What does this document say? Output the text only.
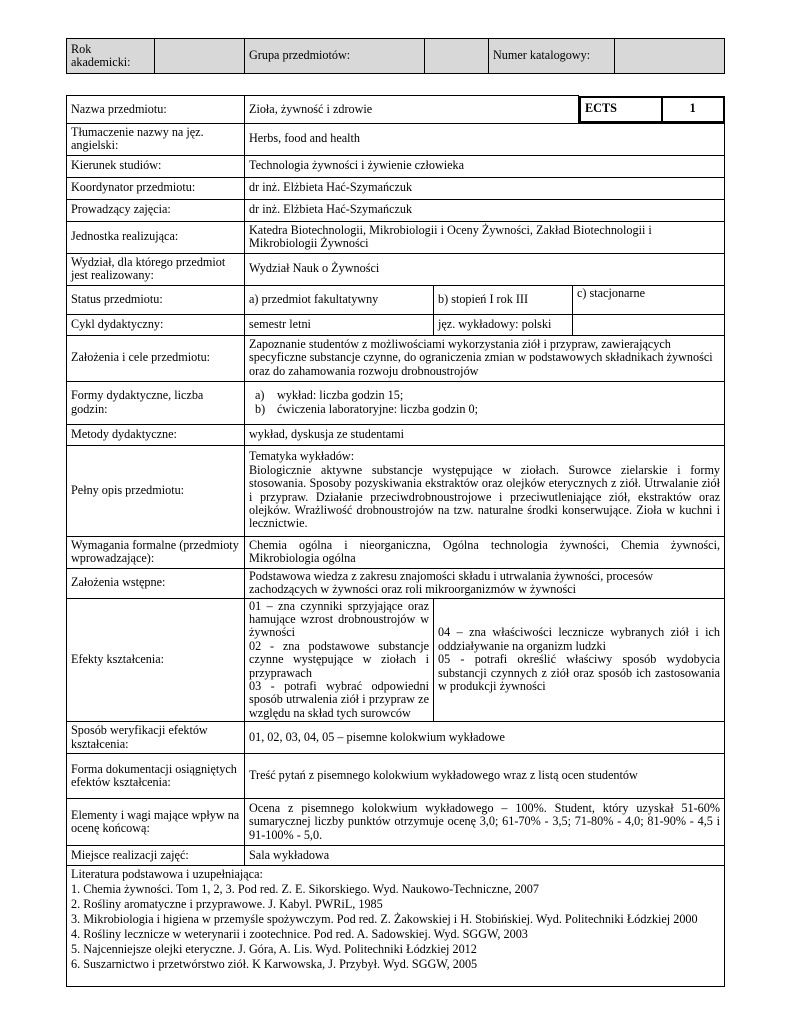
Rok akademicki:		Grupa przedmiotów:		Numer katalogowy:	
Nazwa przedmiotu:	Zioła, żywność i zdrowie		ECTS	1

Tłumaczenie nazwy na jęz. angielski:	Herbs, food and health
Kierunek studiów:	Technologia żywności i żywienie człowieka
Koordynator przedmiotu:	dr inż. Elżbieta Hać-Szymańczuk
Prowadzący zajęcia:	dr inż. Elżbieta Hać-Szymańczuk
Jednostka realizująca:	Katedra Biotechnologii, Mikrobiologii i Oceny Żywności, Zakład Biotechnologii i Mikrobiologii Żywności
Wydział, dla którego przedmiot jest realizowany:	Wydział Nauk o Żywności
Status przedmiotu:	a) przedmiot fakultatywny	b) stopień I rok III	c) stacjonarne
Cykl dydaktyczny:	semestr letni	jęz. wykładowy: polski	
Założenia i cele przedmiotu:	Zapoznanie studentów z możliwościami wykorzystania ziół i przypraw, zawierających specyficzne substancje czynne, do ograniczenia zmian w podstawowych składnikach żywności oraz do zahamowania rozwoju drobnoustrojów
Formy dydaktyczne, liczba godzin:	
a)	wykład: liczba godzin 15;
b) ćwiczenia laboratoryjne: liczba godzin 0;

Metody dydaktyczne:	wykład, dyskusja ze studentami
Pełny opis przedmiotu:	
Tematyka wykładów:
Biologicznie aktywne substancje występujące w ziołach. Surowce zielarskie i formy stosowania. Sposoby pozyskiwania ekstraktów oraz olejków eterycznych z ziół. Utrwalanie ziół i przypraw. Działanie przeciwdrobnoustrojowe i przeciwutleniające ziół, ekstraktów oraz olejków. Wrażliwość drobnoustrojów na tzw. naturalne środki konserwujące. Zioła w kuchni i lecznictwie.

Wymagania formalne (przedmioty wprowadzające):	Chemia ogólna i nieorganiczna, Ogólna technologia żywności, Chemia żywności, Mikrobiologia ogólna
Założenia wstępne:	Podstawowa wiedza z zakresu znajomości składu i utrwalania żywności, procesów zachodzących w żywności oraz roli mikroorganizmów w żywności
Efekty kształcenia:	
01 – zna czynniki sprzyjające oraz hamujące wzrost drobnoustrojów w żywności
02 - zna podstawowe substancje czynne występujące w ziołach i przyprawach
03 - potrafi wybrać odpowiedni sposób utrwalenia ziół i przypraw ze względu na skład tych surowców

04 – zna właściwości lecznicze wybranych ziół i ich oddziaływanie na organizm ludzki
05 - potrafi określić właściwy sposób wydobycia substancji czynnych z ziół oraz sposób ich zastosowania w produkcji żywności

Sposób weryfikacji efektów kształcenia:	01, 02, 03, 04, 05 – pisemne kolokwium wykładowe
Forma dokumentacji osiągniętych efektów kształcenia:	Treść pytań z pisemnego kolokwium wykładowego wraz z listą ocen studentów
Elementy i wagi mające wpływ na ocenę końcową:	Ocena z pisemnego kolokwium wykładowego – 100%. Student, który uzyskał 51-60% sumarycznej liczby punktów otrzymuje ocenę 3,0; 61-70% - 3,5; 71-80% - 4,0; 81-90% - 4,5 i 91-100% - 5,0.
Miejsce realizacji zajęć:	Sala wykładowa

Literatura podstawowa i uzupełniająca:
1. Chemia żywności. Tom 1, 2, 3. Pod red. Z. E. Sikorskiego. Wyd. Naukowo-Techniczne, 2007
2. Rośliny aromatyczne i przyprawowe. J. Kabyl. PWRiL, 1985
3. Mikrobiologia i higiena w przemyśle spożywczym. Pod red. Z. Żakowskiej i H. Stobińskiej. Wyd. Politechniki Łódzkiej 2000
4. Rośliny lecznicze w weterynarii i zootechnice. Pod red. A. Sadowskiej. Wyd. SGGW, 2003
5. Najcenniejsze olejki eteryczne. J. Góra, A. Lis. Wyd. Politechniki Łódzkiej 2012
6. Suszarnictwo i przetwórstwo ziół. K Karwowska, J. Przybył. Wyd. SGGW, 2005
